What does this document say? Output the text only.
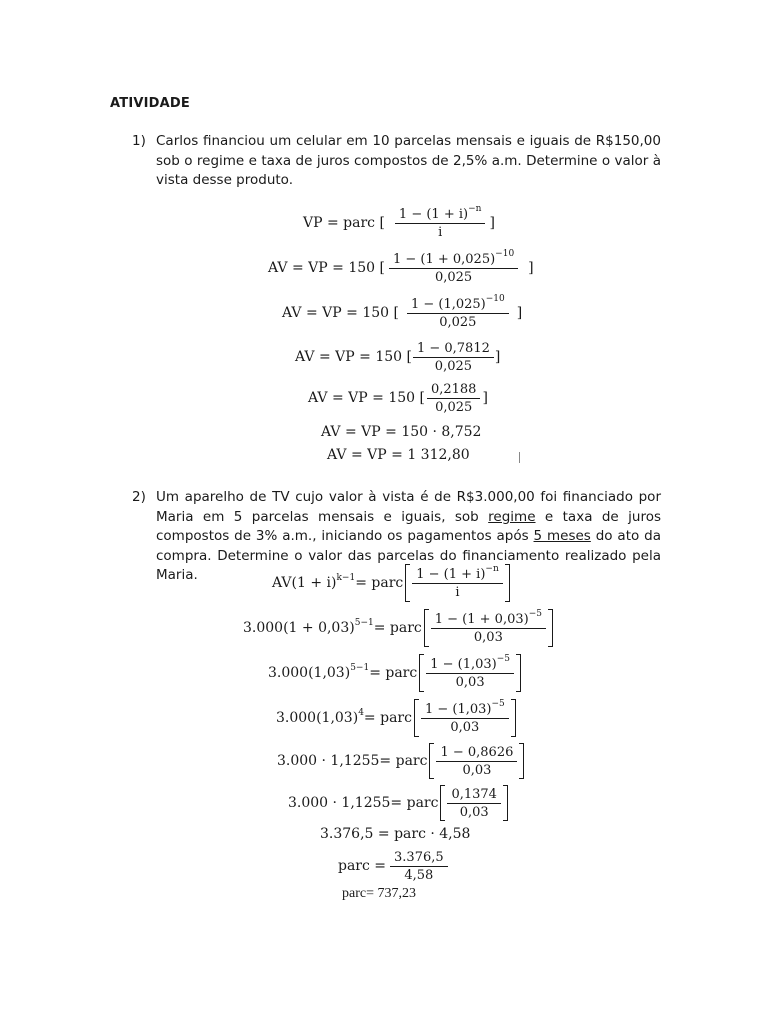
ATIVIDADE
1) Carlos financiou um celular em 10 parcelas mensais e iguais de R$150,00 sob o regime e taxa de juros compostos de 2,5% a.m. Determine o valor à vista desse produto.
VP = parc [ $\frac{1 - (1 + i)^{-n}}{i}$ ]
AV = VP = 150 [ $\frac{1 - (1 + 0,025)^{-10}}{0,025}$ ]
AV = VP = 150 [ $\frac{1 - (1,025)^{-10}}{0,025}$ ]
AV = VP = 150 [ $\frac{1 - 0,7812}{0,025}$ ]
AV = VP = 150 [ $\frac{0,2188}{0,025}$ ]
AV = VP = 150 · 8,752
AV = VP = 1 312,80
2) Um aparelho de TV cujo valor à vista é de R$3.000,00 foi financiado por Maria em 5 parcelas mensais e iguais, sob regime e taxa de juros compostos de 3% a.m., iniciando os pagamentos após 5 meses do ato da compra. Determine o valor das parcelas do financiamento realizado pela Maria.	$AV(1 + i)^{k-1}$ = parc $\frac{1 - (1 + i)^{-n}}{i}$
$3.000(1 + 0,03)^{5-1}$ = parc $\frac{1 - (1 + 0,03)^{-5}}{0,03}$
$3.000(1,03)^{5-1}$ = parc $\frac{1 - (1,03)^{-5}}{0,03}$
$3.000(1,03)^4$ = parc $\frac{1 - (1,03)^{-5}}{0,03}$
3.000 · 1,1255 = parc $\frac{1 - 0,8626}{0,03}$
3.000 · 1,1255 = parc $\frac{0,1374}{0,03}$
3.376,5 = parc · 4,58
parc = $\frac{3.376,5}{4,58}$
parc= 737,23
